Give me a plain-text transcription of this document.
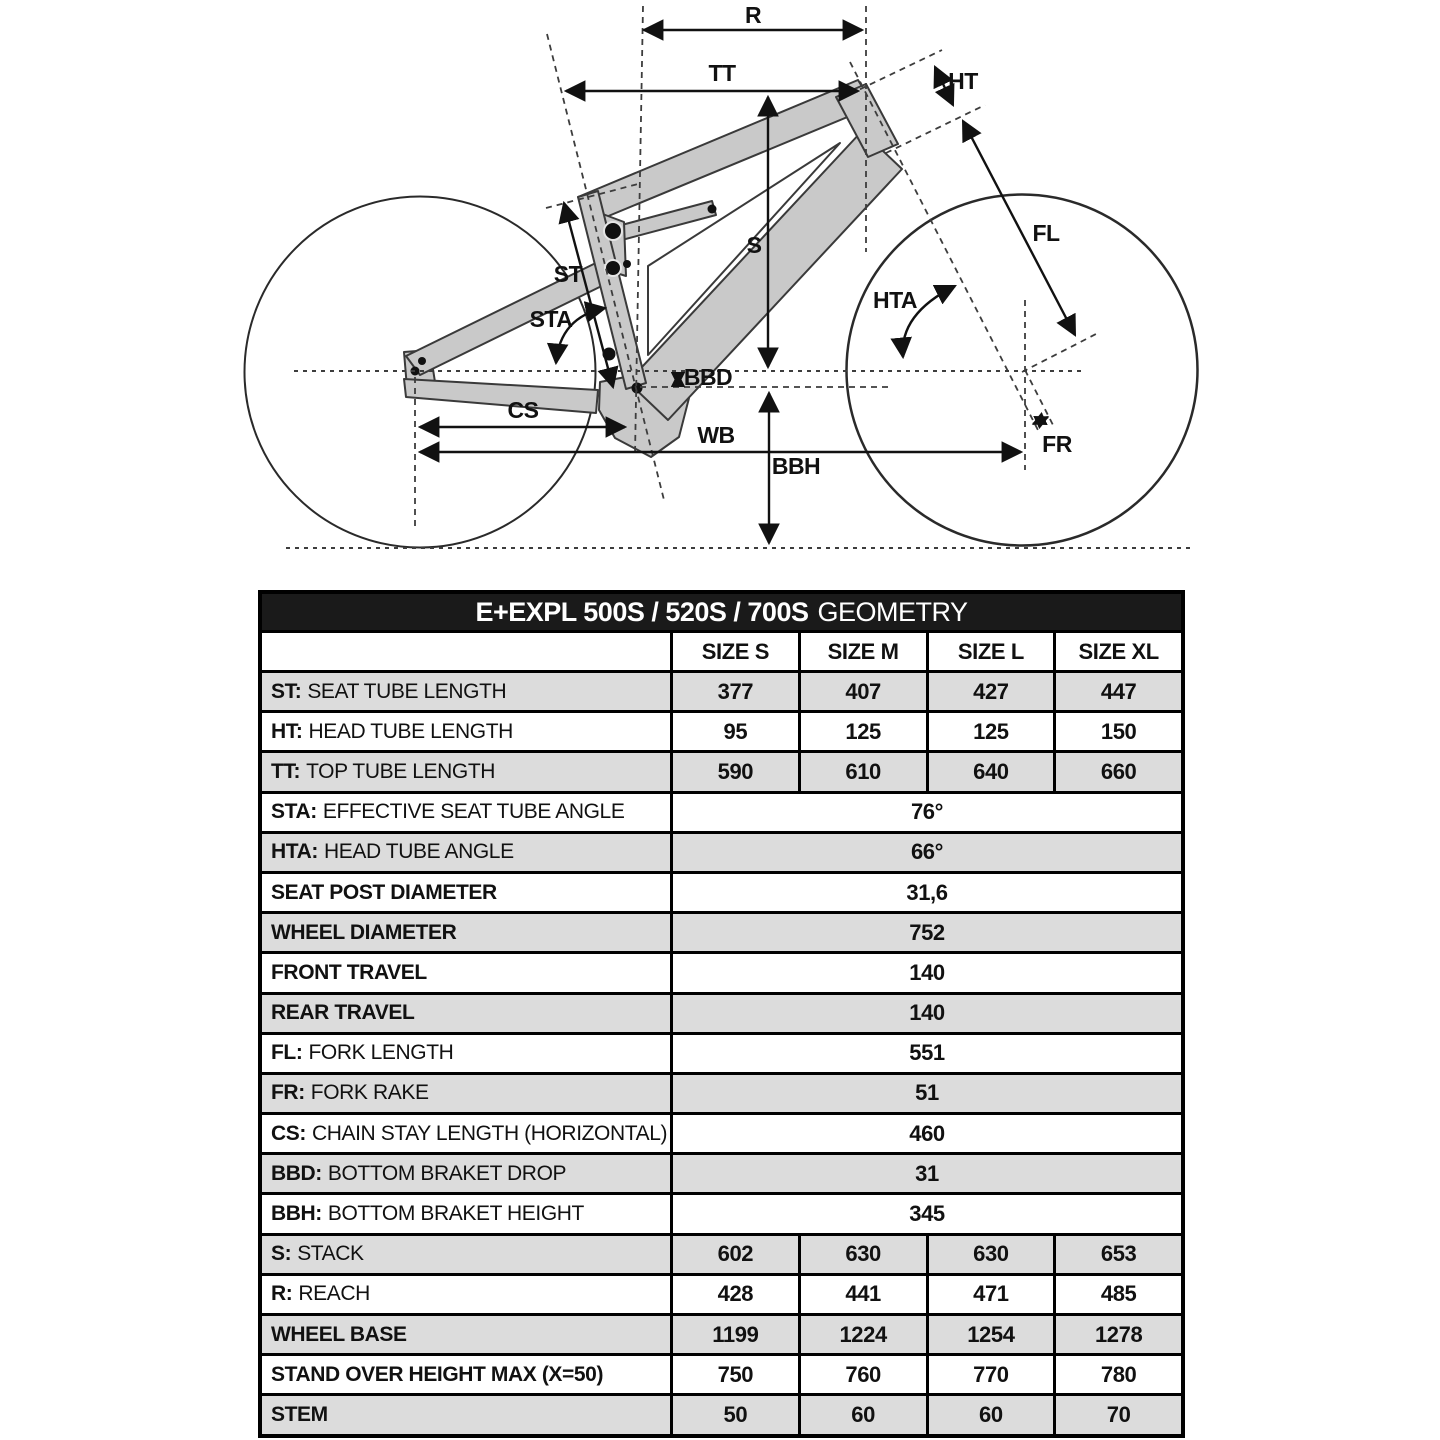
R
TT	HT
FL
S
ST
STA
HTA
BBD
CS
WB
BBH
FR
E+EXPL 500S / 520S / 700S GEOMETRY
SIZE S	SIZE M	SIZE L	SIZE XL
ST: SEAT TUBE LENGTH	377	407	427	447
HT: HEAD TUBE LENGTH	95	125	125	150
TT: TOP TUBE LENGTH	590	610	640	660
STA: EFFECTIVE SEAT TUBE ANGLE	76°
HTA: HEAD TUBE ANGLE	66°
SEAT POST DIAMETER	31,6
WHEEL DIAMETER	752
FRONT TRAVEL	140
REAR TRAVEL	140
FL: FORK LENGTH	551
FR: FORK RAKE	51
CS: CHAIN STAY LENGTH (HORIZONTAL)	460
BBD: BOTTOM BRAKET DROP	31
BBH: BOTTOM BRAKET HEIGHT	345
S: STACK	602	630	630	653
R: REACH	428	441	471	485
WHEEL BASE	1199	1224	1254	1278
STAND OVER HEIGHT MAX (X=50)	750	760	770	780
STEM	50	60	60	70
